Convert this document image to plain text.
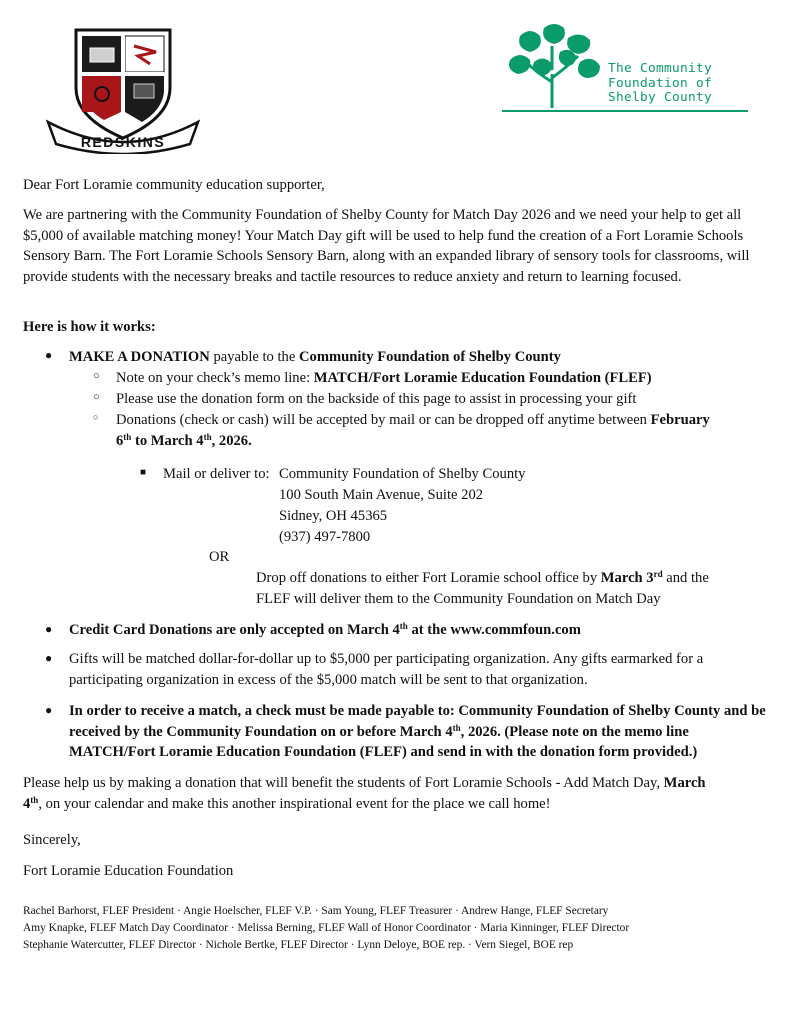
REDSKINS
The Community
Foundation of
Shelby County

Dear Fort Loramie community education supporter,

We are partnering with the Community Foundation of Shelby County for Match Day 2026 and we need your help to get all $5,000 of available matching money! Your Match Day gift will be used to help fund the creation of a Fort Loramie Schools Sensory Barn. The Fort Loramie Schools Sensory Barn, along with an expanded library of sensory tools for classrooms, will provide students with the necessary breaks and tactile resources to reduce anxiety and return to learning focused.

Here is how it works:

● MAKE A DONATION payable to the Community Foundation of Shelby County

○ Note on your check’s memo line: MATCH/Fort Loramie Education Foundation (FLEF)

○ Please use the donation form on the backside of this page to assist in processing your gift

○ Donations (check or cash) will be accepted by mail or can be dropped off anytime between February
6th to March 4th, 2026.

■ Mail or deliver to: Community Foundation of Shelby County

100 South Main Avenue, Suite 202

Sidney, OH 45365

(937) 497-7800

OR

Drop off donations to either Fort Loramie school office by March 3rd and the
FLEF will deliver them to the Community Foundation on Match Day

● Credit Card Donations are only accepted on March 4th at the www.commfoun.com

● Gifts will be matched dollar-for-dollar up to $5,000 per participating organization. Any gifts earmarked for a participating organization in excess of the $5,000 match will be sent to that organization.

● In order to receive a match, a check must be made payable to: Community Foundation of Shelby County and be received by the Community Foundation on or before March 4th, 2026. (Please note on the memo line MATCH/Fort Loramie Education Foundation (FLEF) and send in with the donation form provided.)

Please help us by making a donation that will benefit the students of Fort Loramie Schools - Add Match Day, March
4th, on your calendar and make this another inspirational event for the place we call home!

Sincerely,

Fort Loramie Education Foundation

Rachel Barhorst, FLEF President · Angie Hoelscher, FLEF V.P. · Sam Young, FLEF Treasurer · Andrew Hange, FLEF Secretary
Amy Knapke, FLEF Match Day Coordinator · Melissa Berning, FLEF Wall of Honor Coordinator · Maria Kinninger, FLEF Director
Stephanie Watercutter, FLEF Director · Nichole Bertke, FLEF Director · Lynn Deloye, BOE rep. · Vern Siegel, BOE rep
